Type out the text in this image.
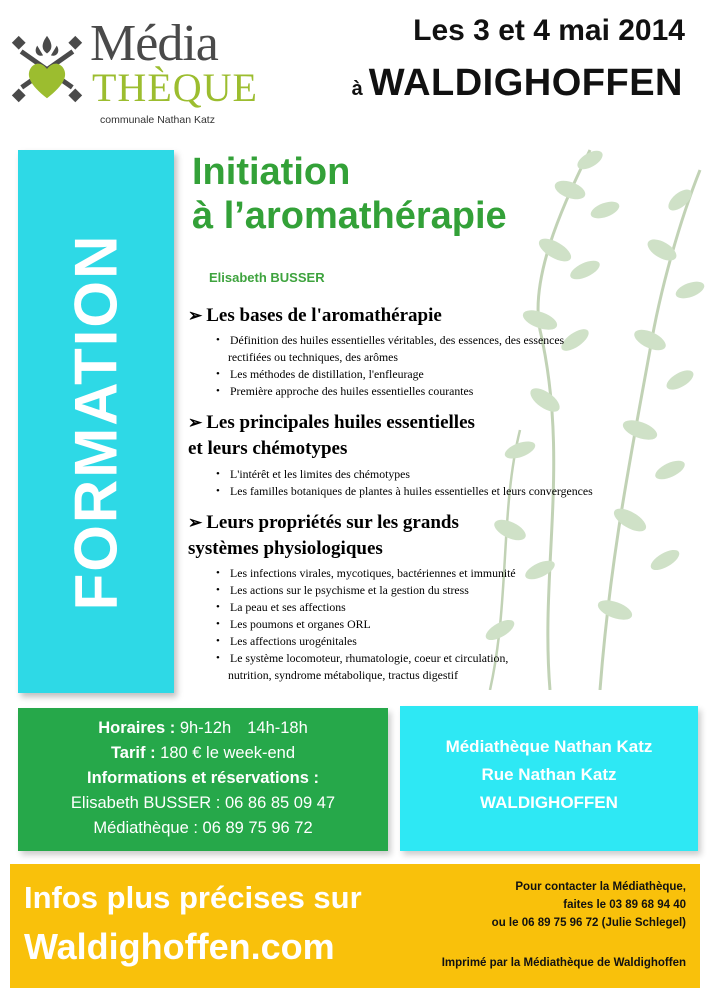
Média
THÈQUE
communale Nathan Katz
Les 3 et 4 mai 2014
à WALDIGHOFFEN
FORMATION
Initiation
à l’aromathérapie
Elisabeth BUSSER
➢ Les bases de l'aromathérapie
• Définition des huiles essentielles véritables, des essences, des essences
rectifiées ou techniques, des arômes
• Les méthodes de distillation, l'enfleurage
• Première approche des huiles essentielles courantes
➢ Les principales huiles essentielles
et leurs chémotypes
• L'intérêt et les limites des chémotypes
• Les familles botaniques de plantes à huiles essentielles et leurs convergences
➢ Leurs propriétés sur les grands
systèmes physiologiques
• Les infections virales, mycotiques, bactériennes et immunité
• Les actions sur le psychisme et la gestion du stress
• La peau et ses affections
• Les poumons et organes ORL
• Les affections urogénitales
• Le système locomoteur, rhumatologie, coeur et circulation,
nutrition, syndrome métabolique, tractus digestif
Horaires : 9h-12h 14h-18h
Tarif : 180 € le week-end
Informations et réservations :
Elisabeth BUSSER : 06 86 85 09 47
Médiathèque : 06 89 75 96 72
Médiathèque Nathan Katz
Rue Nathan Katz
WALDIGHOFFEN
Infos plus précises sur
Waldighoffen.com
Pour contacter la Médiathèque,
faites le 03 89 68 94 40
ou le 06 89 75 96 72 (Julie Schlegel)
Imprimé par la Médiathèque de Waldighoffen
